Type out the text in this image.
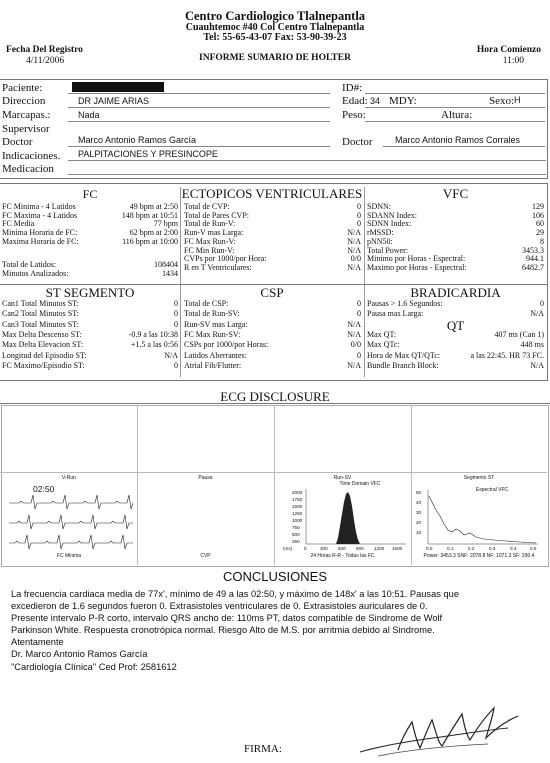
Centro Cardiologico Tlalnepantla
Cuauhtemoc #40 Col Centro Tlalnepantla
Tel: 55-65-43-07 Fax: 53-90-39-23
INFORME SUMARIO DE HOLTER
Fecha Del Registro
4/11/2006
Hora Comienzo
11:00
Paciente:
Direccion	DR JAIME ARIAS
Marcapas.:	Nada
Supervisor
Doctor	Marco Antonio Ramos García
Indicaciones. PALPITACIONES Y PRESINCOPE
Medicacion
ID#:
Edad: 34 MDY:	Sexo: H
Peso:	Altura:
Doctor Marco Antonio Ramos Corrales
FC	ECTOPICOS VENTRICULARES	VFC
ST SEGMENTO	CSP	BRADICARDIA
QT
FC Minima - 4 Latidos	49 bpm at 2:50
FC Maxima - 4 Latidos	148 bpm at 10:51
FC Media	77 bpm
Minima Horaria de FC:	62 bpm at 2:00
Maxima Horaria de FC:	116 bpm at 10:00
Total de Latidos:	108404
Minutos Analizados:	1434
Total de CVP:	0
Total de Pares CVP:	0
Total de Run-V:	0
Run-V mas Larga:	N/A
FC Max Run-V:	N/A
FC Min Run-V:	N/A
CVPs por 1000/por Hora:	0/0
R en T Ventriculares:	N/A
SDNN:	129
SDANN Index:	106
SDNN Index:	60
rMSSD:	29
pNN50:	8
Total Power:	3453.3
Minimo por Horas - Espectral:	944.1
Maximo por Horas - Espectral:	6482.7
Can1 Total Minutos ST:	0
Can2 Total Minutos ST:	0
Can3 Total Minutos ST:	0
Max Delta Descenso ST:	-0.9 a las 10:38
Max Delta Elevacion ST:	+1.5 a las 0:56
Longitud del Episodio ST:	N/A
FC Maximo/Episodio ST:	0
Total de CSP:	0
Total de Run-SV:	0
Run-SV mas Larga:	N/A
FC Max Run-SV:	N/A
CSPs por 1000/por Horas:	0/0
Latidos Aberrantes:	0
Atrial Fib/Flutter:	N/A
Pausas > 1.6 Segundos:	0
Pausa mas Larga:	N/A
Max QT:	407 ms (Can 1)
Max QTc:	448 ms
Hora de Max QT/QTc:	a las 22:45. HR 73 FC.
Bundle Branch Block:	N/A
ECG DISCLOSURE
V-Run	Pausa	Run-SV	Segmento ST
FC Minima	CVP	24 Horas R-R - Todas las FC	Power: 3453.3 SNF: 2078.8 NF: 1071.3 SF: 290.4
02:50	Time Domain VFC
2000
1750
1500
1250
1000
750
500
250
(ms)	0	300 600 900 1200 1500
Espectral VFC
50
40
30
20
10
0.0	0.1	0.2	0.3	0.4	0.5
CONCLUSIONES
La frecuencia cardiaca media de 77x', mínimo de 49 a las 02:50, y máximo de 148x' a las 10:51. Pausas que
excedieron de 1.6 segundos fueron 0. Extrasistoles ventriculares de 0. Extrasistoles auriculares de 0.
Presente intervalo P-R corto, intervalo QRS ancho de: 110ms PT, datos compatible de Sindrome de Wolf
Parkinson White. Respuesta cronotrópica normal. Riesgo Alto de M.S. por arritmia debido al Sindrome.
Atentamente
Dr. Marco Antonio Ramos García
"Cardiología Clínica" Ced Prof: 2581612
FIRMA:
